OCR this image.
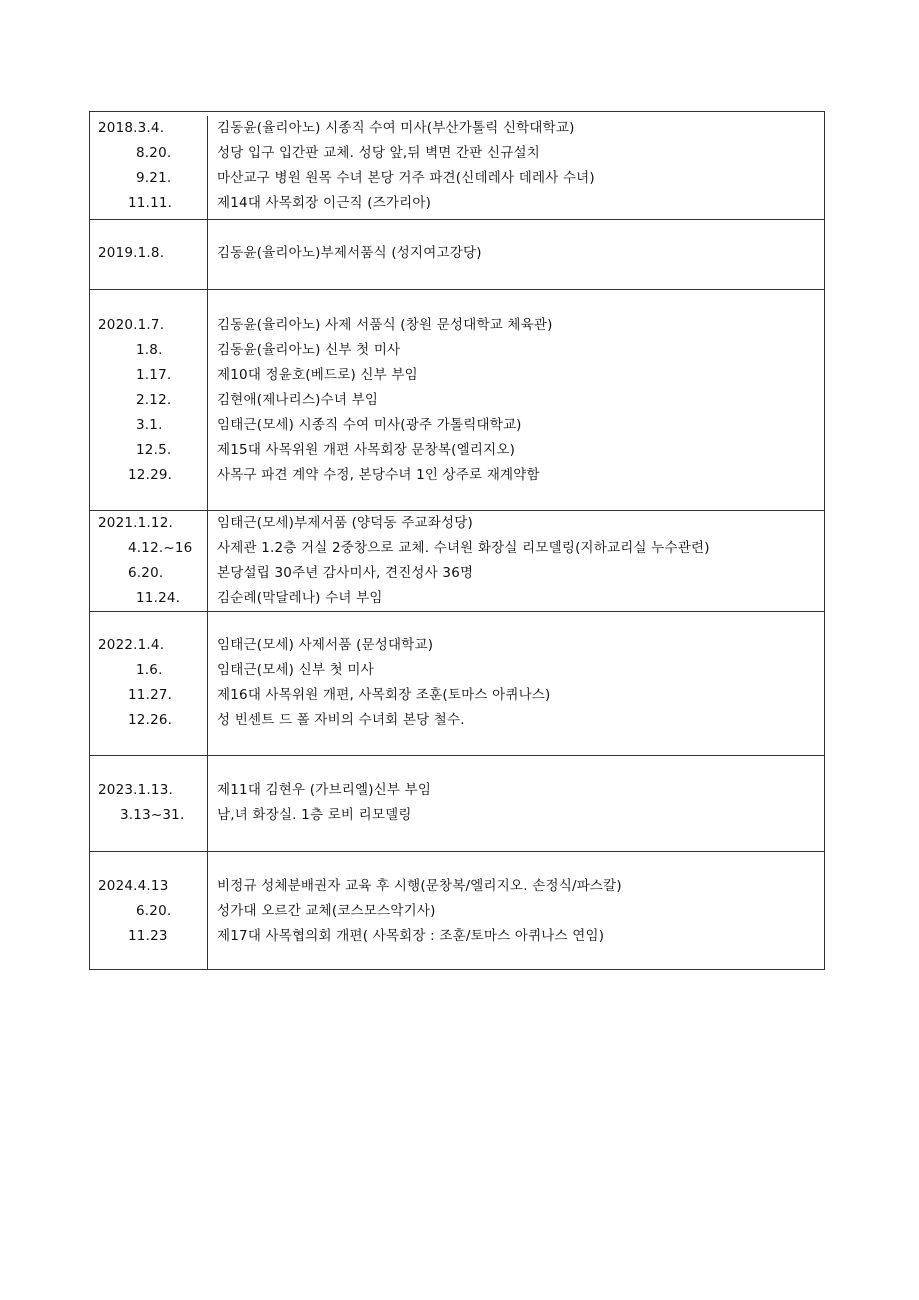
2018.3.4.
8.20.
9.21.
11.11.
김동윤(율리아노) 시종직 수여 미사(부산가톨릭 신학대학교)
성당 입구 입간판 교체. 성당 앞,뒤 벽면 간판 신규설치
마산교구 병원 원목 수녀 본당 거주 파견(신데레사 데레사 수녀)
제14대 사목회장 이근직 (즈가리아)
2019.1.8.	김동윤(율리아노)부제서품식 (성지여고강당)
2020.1.7.
1.8.
1.17.
2.12.
3.1.
12.5.
12.29.
김동윤(율리아노) 사제 서품식 (창원 문성대학교 체육관)
김동윤(율리아노) 신부 첫 미사
제10대 정윤호(베드로) 신부 부임
김현애(제나리스)수녀 부임
임태근(모세) 시종직 수여 미사(광주 가톨릭대학교)
제15대 사목위원 개편 사목회장 문창복(엘리지오)
사목구 파견 계약 수정, 본당수녀 1인 상주로 재계약함
2021.1.12.
4.12.~16
6.20.
11.24.
임태근(모세)부제서품 (양덕동 주교좌성당)
사제관 1.2층 거실 2중창으로 교체. 수녀원 화장실 리모델링(지하교리실 누수관련)
본당설립 30주년 감사미사, 견진성사 36명
김순례(막달레나) 수녀 부임
2022.1.4.
1.6.
11.27.
12.26.
임태근(모세) 사제서품 (문성대학교)
임태근(모세) 신부 첫 미사
제16대 사목위원 개편, 사목회장 조훈(토마스 아퀴나스)
성 빈센트 드 폴 자비의 수녀회 본당 철수.
2023.1.13.
3.13~31.
제11대 김현우 (가브리엘)신부 부임
남,녀 화장실. 1층 로비 리모델링
2024.4.13
6.20.
11.23
비정규 성체분배권자 교육 후 시행(문창복/엘리지오. 손정식/파스칼)
성가대 오르간 교체(코스모스악기사)
제17대 사목협의회 개편( 사목회장 : 조훈/토마스 아퀴나스 연임)
